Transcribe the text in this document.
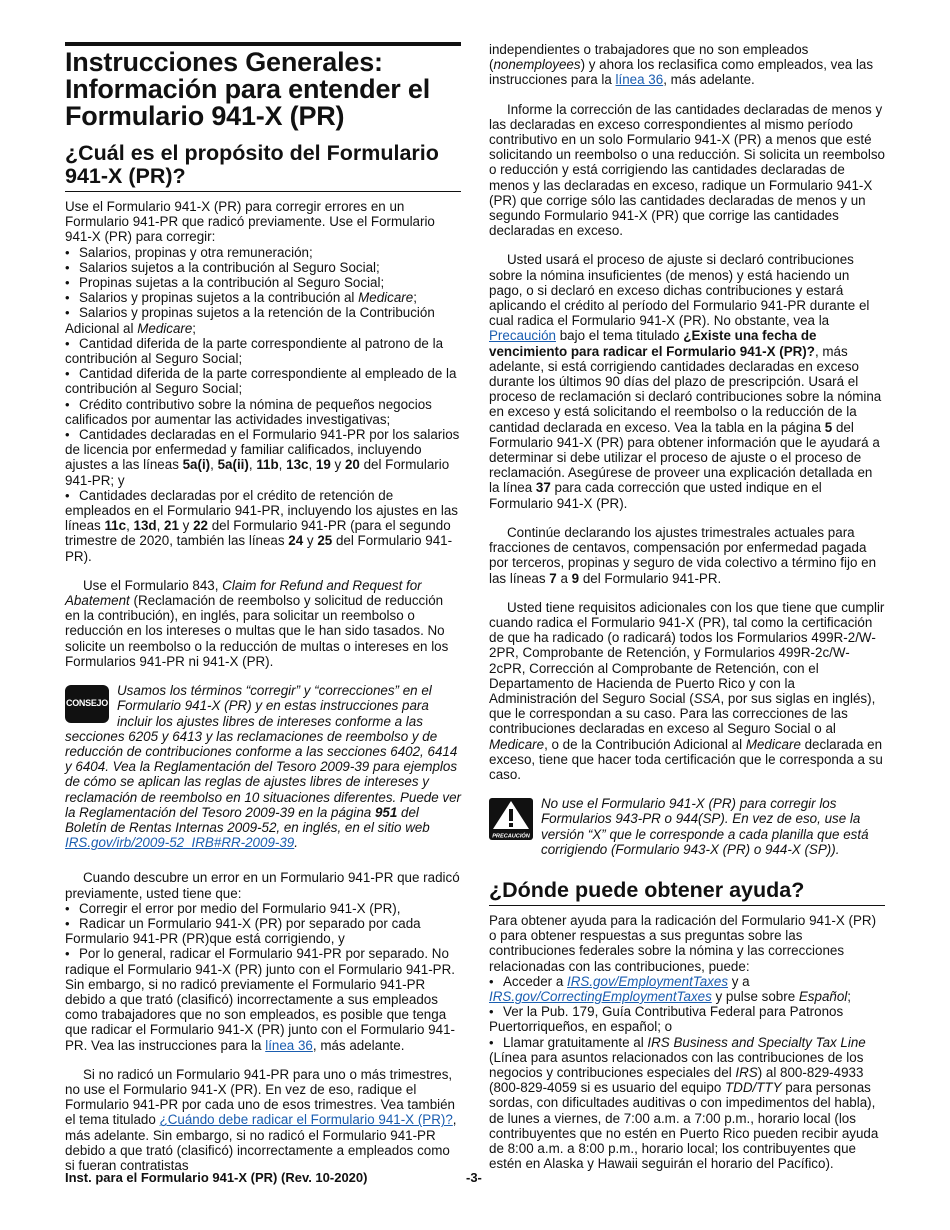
Instrucciones Generales: Información para entender el Formulario 941-X (PR)
¿Cuál es el propósito del Formulario 941-X (PR)?

Use el Formulario 941-X (PR) para corregir errores en un Formulario 941-PR que radicó previamente. Use el Formulario 941-X (PR) para corregir:

• Salarios, propinas y otra remuneración;
• Salarios sujetos a la contribución al Seguro Social;
• Propinas sujetas a la contribución al Seguro Social;
• Salarios y propinas sujetos a la contribución al Medicare;
• Salarios y propinas sujetos a la retención de la Contribución Adicional al Medicare;
• Cantidad diferida de la parte correspondiente al patrono de la contribución al Seguro Social;
• Cantidad diferida de la parte correspondiente al empleado de la contribución al Seguro Social;
• Crédito contributivo sobre la nómina de pequeños negocios calificados por aumentar las actividades investigativas;
• Cantidades declaradas en el Formulario 941-PR por los salarios de licencia por enfermedad y familiar calificados, incluyendo ajustes a las líneas 5a(i), 5a(ii), 11b, 13c, 19 y 20 del Formulario 941-PR; y
• Cantidades declaradas por el crédito de retención de empleados en el Formulario 941-PR, incluyendo los ajustes en las líneas 11c, 13d, 21 y 22 del Formulario 941-PR (para el segundo trimestre de 2020, también las líneas 24 y 25 del Formulario 941-PR).

Use el Formulario 843, Claim for Refund and Request for Abatement (Reclamación de reembolso y solicitud de reducción en la contribución), en inglés, para solicitar un reembolso o reducción en los intereses o multas que le han sido tasados. No solicite un reembolso o la reducción de multas o intereses en los Formularios 941-PR ni 941-X (PR).

CONSEJO
Usamos los términos “corregir” y “correcciones” en el Formulario 941-X (PR) y en estas instrucciones para incluir los ajustes libres de intereses conforme a las secciones 6205 y 6413 y las reclamaciones de reembolso y de reducción de contribuciones conforme a las secciones 6402, 6414 y 6404. Vea la Reglamentación del Tesoro 2009-39 para ejemplos de cómo se aplican las reglas de ajustes libres de intereses y reclamación de reembolso en 10 situaciones diferentes. Puede ver la Reglamentación del Tesoro 2009-39 en la página 951 del Boletín de Rentas Internas 2009-52, en inglés, en el sitio web IRS.gov/irb/2009-52_IRB#RR-2009-39.

Cuando descubre un error en un Formulario 941-PR que radicó previamente, usted tiene que:

• Corregir el error por medio del Formulario 941-X (PR),
• Radicar un Formulario 941-X (PR) por separado por cada Formulario 941-PR (PR)que está corrigiendo, y
• Por lo general, radicar el Formulario 941-PR por separado. No radique el Formulario 941-X (PR) junto con el Formulario 941-PR. Sin embargo, si no radicó previamente el Formulario 941-PR debido a que trató (clasificó) incorrectamente a sus empleados como trabajadores que no son empleados, es posible que tenga que radicar el Formulario 941-X (PR) junto con el Formulario 941-PR. Vea las instrucciones para la línea 36, más adelante.

Si no radicó un Formulario 941-PR para uno o más trimestres, no use el Formulario 941-X (PR). En vez de eso, radique el Formulario 941-PR por cada uno de esos trimestres. Vea también el tema titulado ¿Cuándo debe radicar el Formulario 941-X (PR)?, más adelante. Sin embargo, si no radicó el Formulario 941-PR debido a que trató (clasificó) incorrectamente a empleados como si fueran contratistas

independientes o trabajadores que no son empleados (nonemployees) y ahora los reclasifica como empleados, vea las instrucciones para la línea 36, más adelante.

Informe la corrección de las cantidades declaradas de menos y las declaradas en exceso correspondientes al mismo período contributivo en un solo Formulario 941-X (PR) a menos que esté solicitando un reembolso o una reducción. Si solicita un reembolso o reducción y está corrigiendo las cantidades declaradas de menos y las declaradas en exceso, radique un Formulario 941-X (PR) que corrige sólo las cantidades declaradas de menos y un segundo Formulario 941-X (PR) que corrige las cantidades declaradas en exceso.

Usted usará el proceso de ajuste si declaró contribuciones sobre la nómina insuficientes (de menos) y está haciendo un pago, o si declaró en exceso dichas contribuciones y estará aplicando el crédito al período del Formulario 941-PR durante el cual radica el Formulario 941-X (PR). No obstante, vea la Precaución bajo el tema titulado ¿Existe una fecha de vencimiento para radicar el Formulario 941-X (PR)?, más adelante, si está corrigiendo cantidades declaradas en exceso durante los últimos 90 días del plazo de prescripción. Usará el proceso de reclamación si declaró contribuciones sobre la nómina en exceso y está solicitando el reembolso o la reducción de la cantidad declarada en exceso. Vea la tabla en la página 5 del Formulario 941-X (PR) para obtener información que le ayudará a determinar si debe utilizar el proceso de ajuste o el proceso de reclamación. Asegúrese de proveer una explicación detallada en la línea 37 para cada corrección que usted indique en el Formulario 941-X (PR).

Continúe declarando los ajustes trimestrales actuales para fracciones de centavos, compensación por enfermedad pagada por terceros, propinas y seguro de vida colectivo a término fijo en las líneas 7 a 9 del Formulario 941-PR.

Usted tiene requisitos adicionales con los que tiene que cumplir cuando radica el Formulario 941-X (PR), tal como la certificación de que ha radicado (o radicará) todos los Formularios 499R-2/W-2PR, Comprobante de Retención, y Formularios 499R-2c/W-2cPR, Corrección al Comprobante de Retención, con el Departamento de Hacienda de Puerto Rico y con la Administración del Seguro Social (SSA, por sus siglas en inglés), que le correspondan a su caso. Para las correcciones de las contribuciones declaradas en exceso al Seguro Social o al Medicare, o de la Contribución Adicional al Medicare declarada en exceso, tiene que hacer toda certificación que le corresponda a su caso.

PRECAUCIÓN
No use el Formulario 941-X (PR) para corregir los Formularios 943-PR o 944(SP). En vez de eso, use la versión “X” que le corresponde a cada planilla que está corrigiendo (Formulario 943-X (PR) o 944-X (SP)).
¿Dónde puede obtener ayuda?

Para obtener ayuda para la radicación del Formulario 941-X (PR) o para obtener respuestas a sus preguntas sobre las contribuciones federales sobre la nómina y las correcciones relacionadas con las contribuciones, puede:

• Acceder a IRS.gov/EmploymentTaxes y a IRS.gov/CorrectingEmploymentTaxes y pulse sobre Español;
• Ver la Pub. 179, Guía Contributiva Federal para Patronos Puertorriqueños, en español; o
• Llamar gratuitamente al IRS Business and Specialty Tax Line (Línea para asuntos relacionados con las contribuciones de los negocios y contribuciones especiales del IRS) al 800-829-4933 (800-829-4059 si es usuario del equipo TDD/TTY para personas sordas, con dificultades auditivas o con impedimentos del habla), de lunes a viernes, de 7:00 a.m. a 7:00 p.m., horario local (los contribuyentes que no estén en Puerto Rico pueden recibir ayuda de 8:00 a.m. a 8:00 p.m., horario local; los contribuyentes que estén en Alaska y Hawaii seguirán el horario del Pacífico).
Inst. para el Formulario 941-X (PR) (Rev. 10-2020)	-3-
